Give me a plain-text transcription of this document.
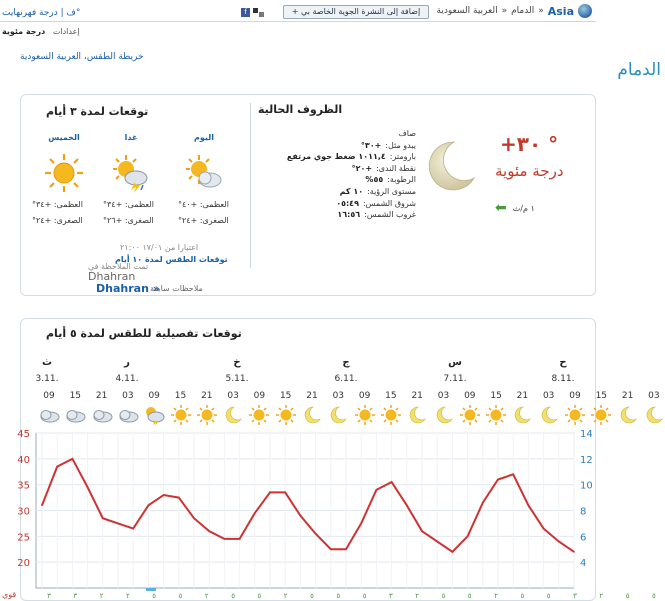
Asia
«
الدمام
«
العربية السعودية
+ إضافة إلى النشرة الجوية الخاصة بي
f
°ف | درجة فهرنهايت
إعدادات   درجة مئوية
خريطة الطقس، العربية السعودية
الدمام
الظروف الحالية
توقعات لمدة ٣ أيام
+٣٠ °
درجة مئوية
١ م/ث
⬅
صاف
يبدو مثل:
+٣٠°
بارومتر:
١٠١١,٤ ضغط جوي مرتفع
نقطة الندى:
+٢٠°
الرطوبة:
٥٥%
مستوى الرؤية:
١٠ كم
شروق الشمس:
٠٥:٤٩
غروب الشمس:
١٦:٥٦
اليوم
غدا
الخميس
العظمى: +٤٠°
العظمى: +٣٤°
العظمى: +٣٤°
الصغرى: +٢٤°
الصغرى: +٢٦°
الصغرى: +٢٤°
اعتبارا من ١٧/٠١ ٢١:٠٠
توقعات الطقس لمدة ١٠ أيام
تمت الملاحظة في
Dhahran
Dhahran »
ملاحظات سابقة
توقعات تفصيلية للطقس لمدة ٥ أيام
ث
3.11.
ر
4.11.
خ
5.11.
ج
6.11.
س
7.11.
ح
8.11.
09	15	21	03	09	15	21	03	09	15	21	03	09	15	21	03	09	15	21	03	09	15	21	03
45	14
40	12
35	10
30	8
25	6
20	4
٣	٣	٢	٢	٥	٥	٢	٥	٥	٢	٥	٥	٥	٣	٢	٥	٥	٢	٥	٥	٣	٢	٥	٥
قوي
